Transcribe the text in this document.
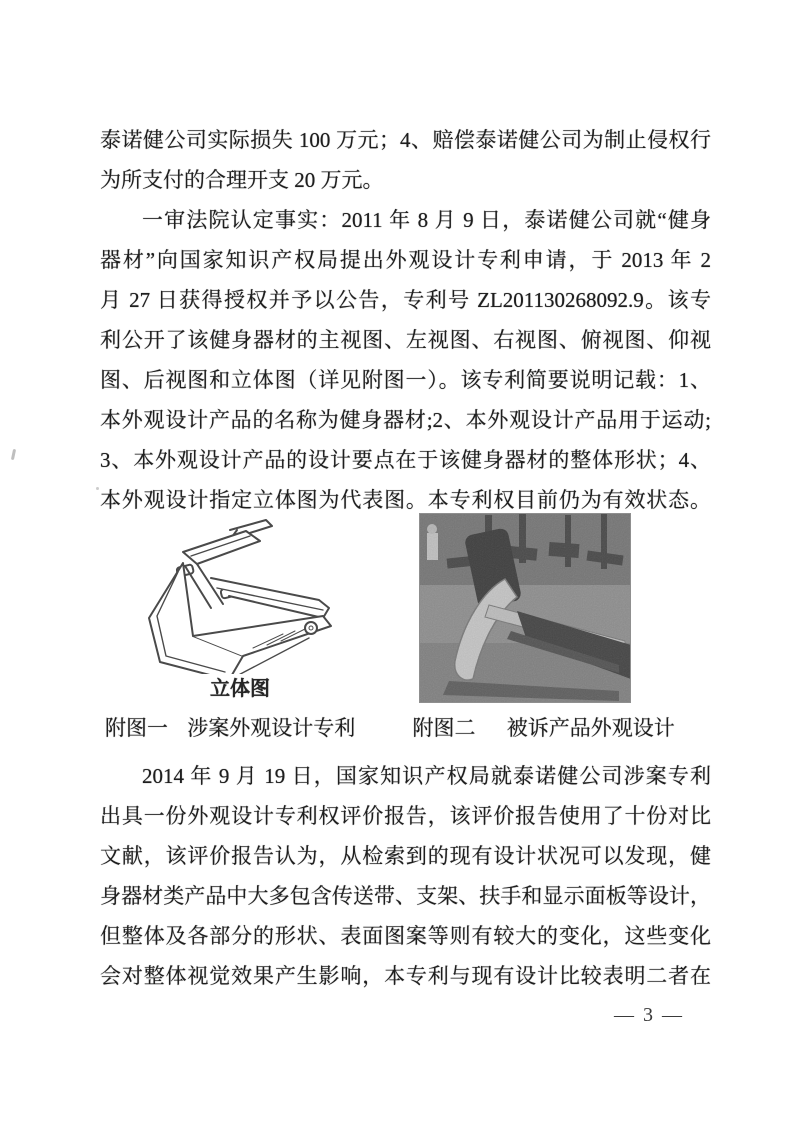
泰诺健公司实际损失 100 万元；4、赔偿泰诺健公司为制止侵权行
为所支付的合理开支 20 万元。
一审法院认定事实：2011 年 8 月 9 日，泰诺健公司就“健身
器材”向国家知识产权局提出外观设计专利申请，于 2013 年 2
月 27 日获得授权并予以公告，专利号 ZL201130268092.9。该专
利公开了该健身器材的主视图、左视图、右视图、俯视图、仰视
图、后视图和立体图（详见附图一）。该专利简要说明记载：1、
本外观设计产品的名称为健身器材;2、本外观设计产品用于运动;
3、本外观设计产品的设计要点在于该健身器材的整体形状；4、
本外观设计指定立体图为代表图。本专利权目前仍为有效状态。
立体图
附图一 涉案外观设计专利	附图二 被诉产品外观设计
2014 年 9 月 19 日，国家知识产权局就泰诺健公司涉案专利
出具一份外观设计专利权评价报告，该评价报告使用了十份对比
文献，该评价报告认为，从检索到的现有设计状况可以发现，健
身器材类产品中大多包含传送带、支架、扶手和显示面板等设计，
但整体及各部分的形状、表面图案等则有较大的变化，这些变化
会对整体视觉效果产生影响，本专利与现有设计比较表明二者在
— 3 —
